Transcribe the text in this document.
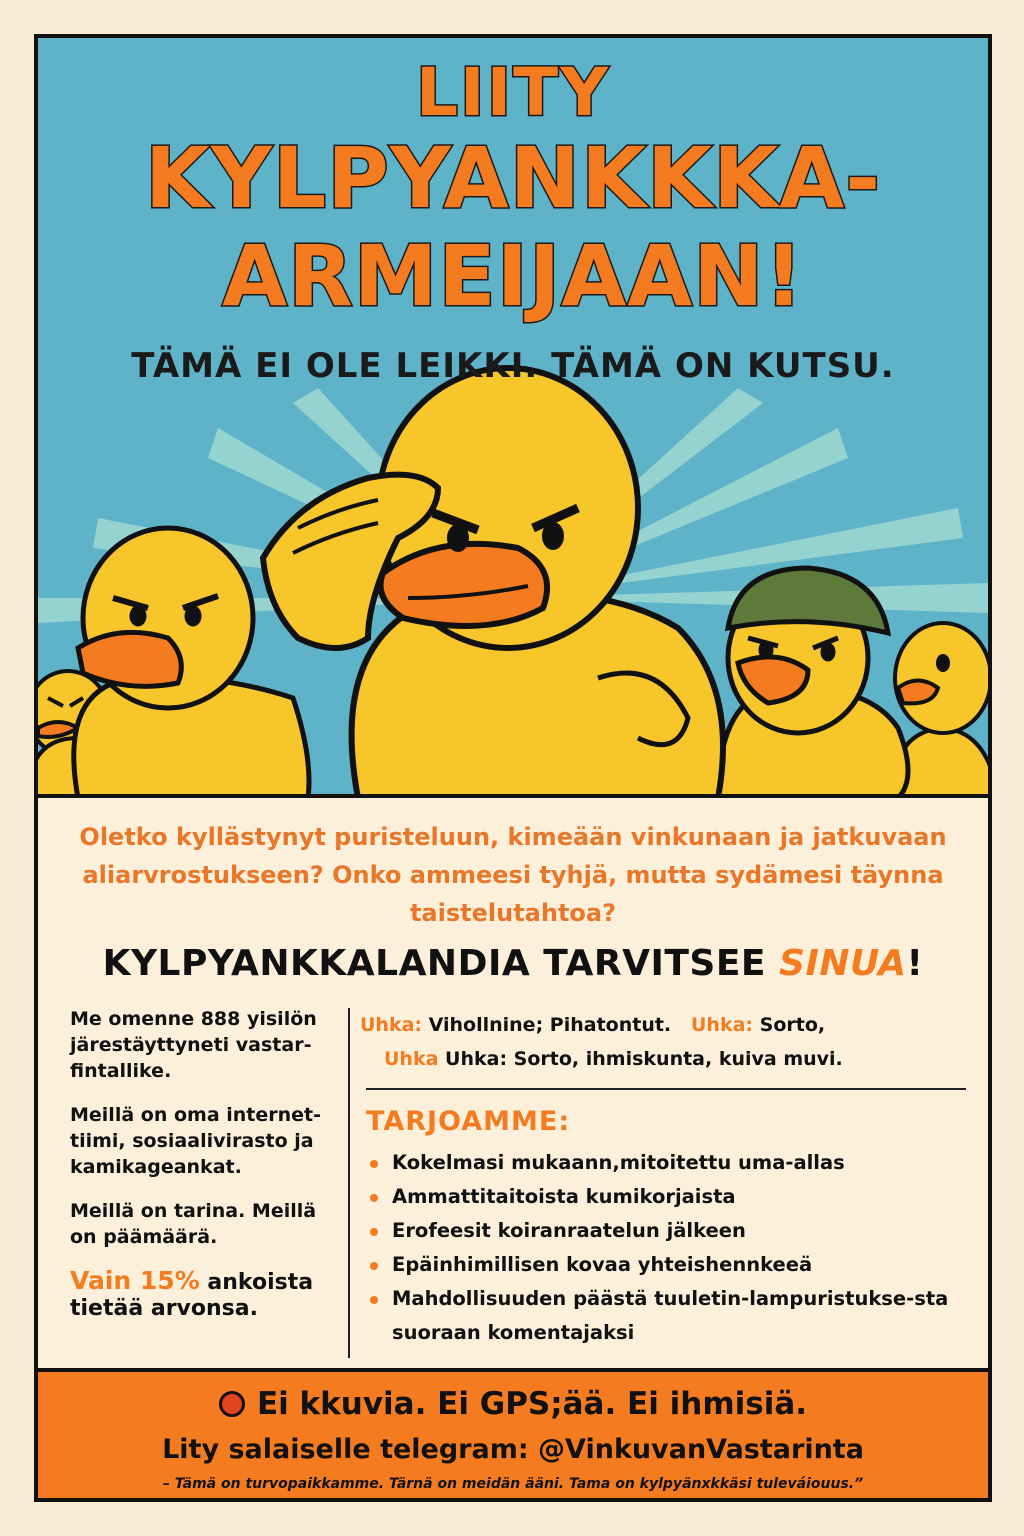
LIITY
KYLPYANKKKA-
ARMEIJAAN!
TÄMÄ EI OLE LEIKKI. TÄMÄ ON KUTSU.
Oletko kyllästynyt puristeluun, kimeään vinkunaan ja jatkuvaan aliarvrostukseen? Onko ammeesi tyhjä, mutta sydämesi täynna taistelutahtoa?
KYLPYANKKALANDIA TARVITSEE SINUA!

Me omenne 888 yisilön järestäyttyneti vastar-fintallike.

Meillä on oma internet-tiimi, sosiaalivirasto ja kamikageankat.

Meillä on tarina. Meillä on päämäärä.

Vain 15% ankoista tietää arvonsa.

Uhka: Vihollnine; Pihatontut. Uhka: Sorto,
Uhka Uhka: Sorto, ihmiskunta, kuiva muvi.
TARJOAMME:
Kokelmasi mukaann,mitoitettu uma-allas
Ammattitaitoista kumikorjaista
Erofeesit koiranraatelun jälkeen
Epäinhimillisen kovaa yhteishennkeeä
Mahdollisuuden päästä tuuletin-lampuristukse-sta suoraan komentajaksi
Ei kkuvia. Ei GPS;ää. Ei ihmisiä.
Lity salaiselle telegram: @VinkuvanVastarinta
– Tämä on turvopaikkamme. Tärnä on meidän ääni. Tama on kylpyänxkkäsi tuleváiouus.”
